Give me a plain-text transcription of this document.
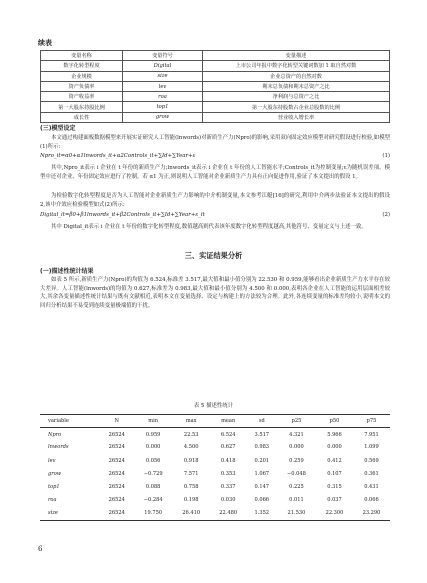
续表
变量名称	变量符号	变量描述
数字化转型程度	Digital	上市公司年报中数字化转型关键词数加 1 取自然对数
企业规模	size	企业总资产的自然对数
资产负债率	lev	期末总负债和期末总资产之比
资产收益率	roa	净利润与总资产之比
第一大股东持股比例	top1	第一大股东持股数占企业总股数的比例
成长性	grow	营业收入增长率
(三)模型设定
本文通过构建面板数据模型来开展实证研究人工智能(lnwords)对新质生产力(Npro)的影响,采用双向固定效应模型对研究假设进行校验,如模型(1)所示:
Npro_it=α0+α1lnwords_it+α2Controls_it+∑Id+∑Year+ε	(1)
其中,Npro_it表示 i 企业在 t 年份的新质生产力;lnwords_it表示 i 企业在 t 年份的人工智能水平;Controls_it为控制变量;ε为随机误差项。模型中还对企业、年份固定效应进行了控制。若 α1 为正,则说明人工智能对企业新质生产力具有正向促进作用,验证了本文提出的假设 1。
为检验数字化转型程度是否为人工智能对企业新质生产力影响的中介机制变量,本文参考江艇[16]的研究,利用中介两步法验证本文提出的假设 2,该中介效应检验模型如式(2)所示:
Digital_it=β0+β1lnwords_it+β2Controls_it+∑Id+∑Year+ε_it	(2)
其中 Digital_it表示 i 企业在 t 年份的数字化转型程度,数值越高则代表该年度数字化转型程度越高,其他符号、变量定义与上述一致。
三、实证结果分析
(一)描述性统计结果
如表 5 所示,新质生产力(Npro)的均值为 6.524,标准差 3.517,最大值和最小值分别为 22.530 和 0.959,能够看出企业新质生产力水平存在较大差异。人工智能(lnwords)的均值为 0.627,标准差为 0.983,最大值和最小值分别为 4.500 和 0.000,表明各企业在人工智能的运用层面相差较大,其余各变量描述性统计结果与既有文献相近,表明本文在变量选择、设定与构建上的方法较为合理。此外,各连续变量的标准差均较小,说明本文的回归分析结果不易受到连续变量极端值的干扰。
表 5 描述性统计
variable	N	min	max	mean	sd	p25	p50	p75
Npro	26524	0.959	22.53	6.524	3.517	4.321	5.966	7.951
lnwords	26524	0.000	4.500	0.627	0.983	0.000	0.000	1.099
lev	26524	0.056	0.918	0.418	0.201	0.259	0.412	0.569
grow	26524	−0.729	7.571	0.353	1.067	−0.048	0.107	0.361
top1	26524	0.088	0.758	0.337	0.147	0.225	0.315	0.431
roa	26524	−0.284	0.198	0.030	0.066	0.011	0.037	0.066
size	26524	19.750	26.410	22.480	1.352	21.530	22.300	23.290
6
